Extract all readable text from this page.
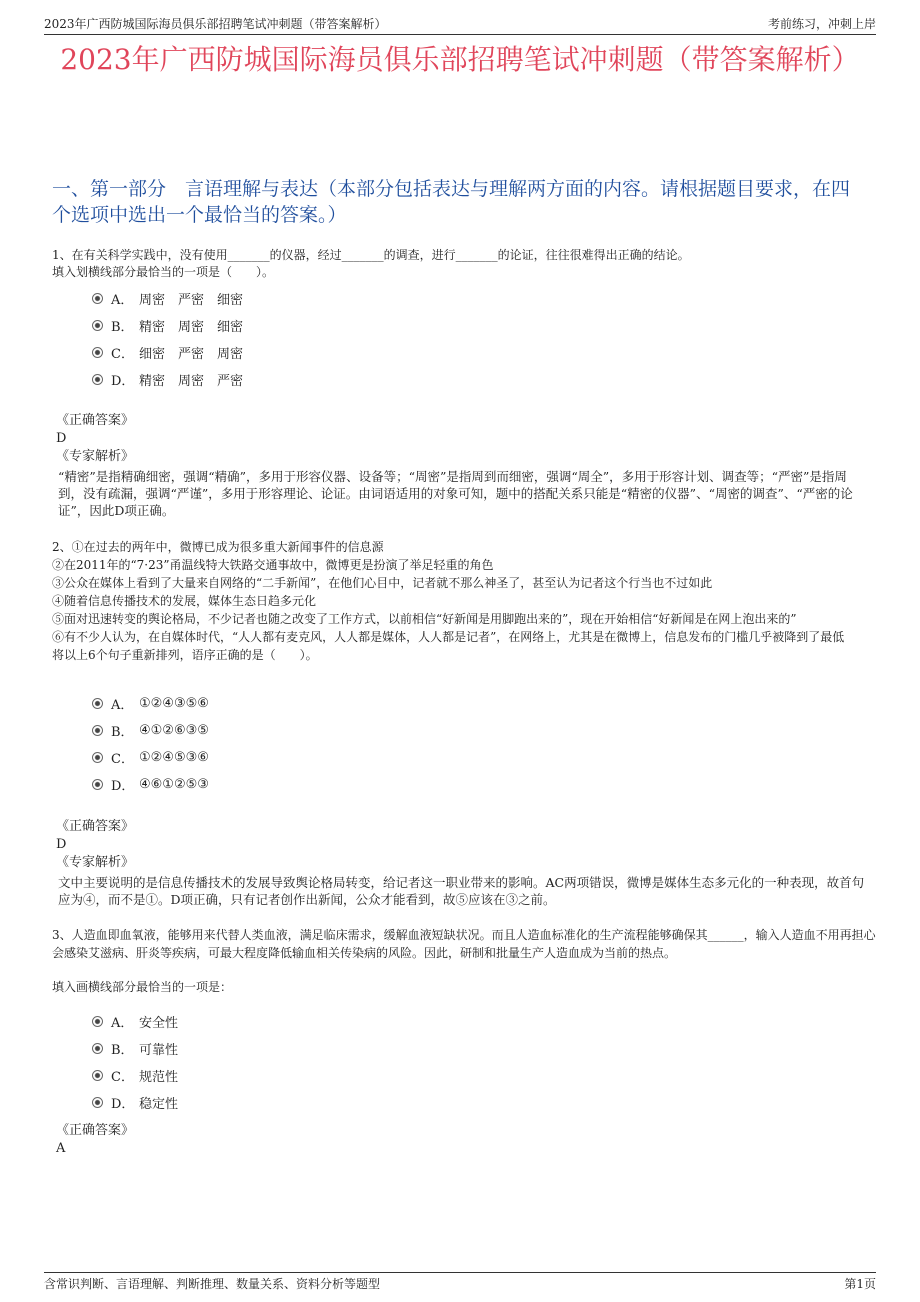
2023年广西防城国际海员俱乐部招聘笔试冲刺题（带答案解析）	考前练习，冲刺上岸
2023年广西防城国际海员俱乐部招聘笔试冲刺题（带答案解析）
一、第一部分　言语理解与表达（本部分包括表达与理解两方面的内容。请根据题目要求，在四个选项中选出一个最恰当的答案。）
1、在有关科学实践中，没有使用_______的仪器，经过_______的调查，进行_______的论证，往往很难得出正确的结论。
填入划横线部分最恰当的一项是（　　）。
A． 周密　严密　细密
B． 精密　周密　细密
C． 细密　严密　周密
D． 精密　周密　严密
《正确答案》
D
《专家解析》
“精密”是指精确细密，强调“精确”，多用于形容仪器、设备等；“周密”是指周到而细密，强调“周全”，多用于形容计划、调查等；“严密”是指周到，没有疏漏，强调“严谨”，多用于形容理论、论证。由词语适用的对象可知，题中的搭配关系只能是“精密的仪器”、“周密的调查”、“严密的论证”，因此D项正确。
2、①在过去的两年中，微博已成为很多重大新闻事件的信息源
②在2011年的“7·23”甬温线特大铁路交通事故中，微博更是扮演了举足轻重的角色
③公众在媒体上看到了大量来自网络的“二手新闻”，在他们心目中，记者就不那么神圣了，甚至认为记者这个行当也不过如此
④随着信息传播技术的发展，媒体生态日趋多元化
⑤面对迅速转变的舆论格局，不少记者也随之改变了工作方式，以前相信“好新闻是用脚跑出来的”，现在开始相信“好新闻是在网上泡出来的”
⑥有不少人认为，在自媒体时代，“人人都有麦克风，人人都是媒体，人人都是记者”，在网络上，尤其是在微博上，信息发布的门槛几乎被降到了最低
将以上6个句子重新排列，语序正确的是（　　）。
A． ①②④③⑤⑥
B． ④①②⑥③⑤
C． ①②④⑤③⑥
D． ④⑥①②⑤③
《正确答案》
D
《专家解析》
文中主要说明的是信息传播技术的发展导致舆论格局转变，给记者这一职业带来的影响。AC两项错误，微博是媒体生态多元化的一种表现，故首句应为④，而不是①。D项正确，只有记者创作出新闻，公众才能看到，故⑤应该在③之前。
3、人造血即血氧液，能够用来代替人类血液，满足临床需求，缓解血液短缺状况。而且人造血标准化的生产流程能够确保其______，输入人造血不用再担心会感染艾滋病、肝炎等疾病，可最大程度降低输血相关传染病的风险。因此，研制和批量生产人造血成为当前的热点。
填入画横线部分最恰当的一项是：
A． 安全性
B． 可靠性
C． 规范性
D． 稳定性
《正确答案》
A
含常识判断、言语理解、判断推理、数量关系、资料分析等题型	第1页
